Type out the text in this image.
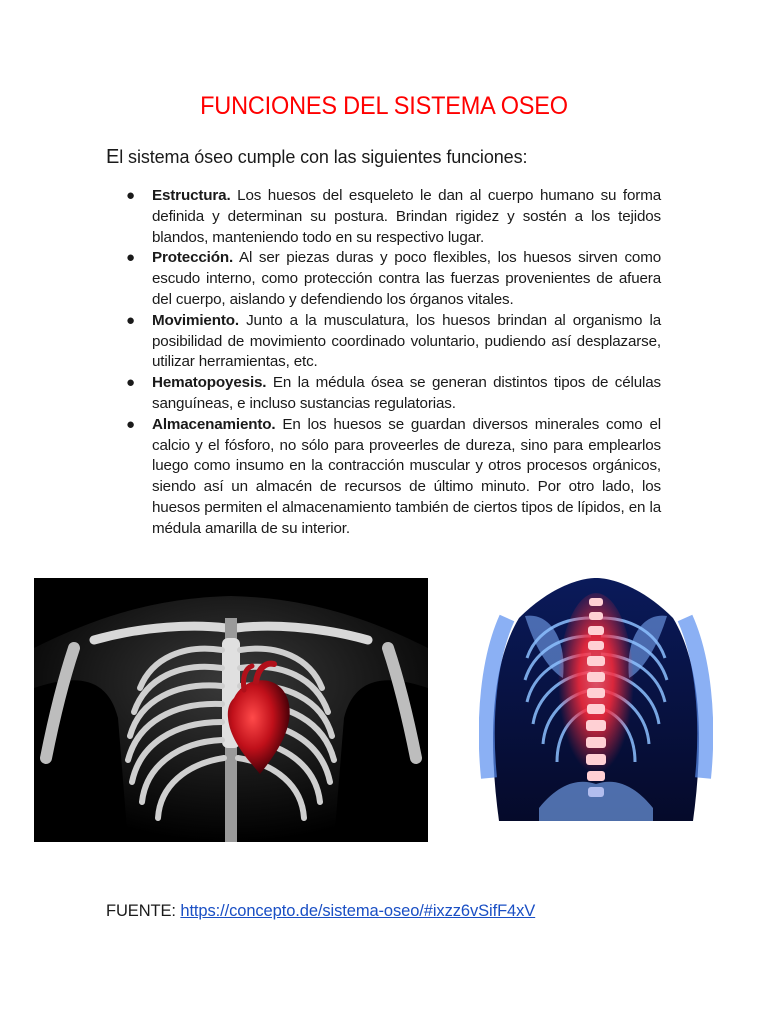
FUNCIONES DEL SISTEMA OSEO

El sistema óseo cumple con las siguientes funciones:

● Estructura. Los huesos del esqueleto le dan al cuerpo humano su forma definida y determinan su postura. Brindan rigidez y sostén a los tejidos blandos, manteniendo todo en su respectivo lugar.
● Protección. Al ser piezas duras y poco flexibles, los huesos sirven como escudo interno, como protección contra las fuerzas provenientes de afuera del cuerpo, aislando y defendiendo los órganos vitales.
● Movimiento. Junto a la musculatura, los huesos brindan al organismo la posibilidad de movimiento coordinado voluntario, pudiendo así desplazarse, utilizar herramientas, etc.
● Hematopoyesis. En la médula ósea se generan distintos tipos de células sanguíneas, e incluso sustancias regulatorias.
● Almacenamiento. En los huesos se guardan diversos minerales como el calcio y el fósforo, no sólo para proveerles de dureza, sino para emplearlos luego como insumo en la contracción muscular y otros procesos orgánicos, siendo así un almacén de recursos de último minuto. Por otro lado, los huesos permiten el almacenamiento también de ciertos tipos de lípidos, en la médula amarilla de su interior.
FUENTE: https://concepto.de/sistema-oseo/#ixzz6vSifF4xV
